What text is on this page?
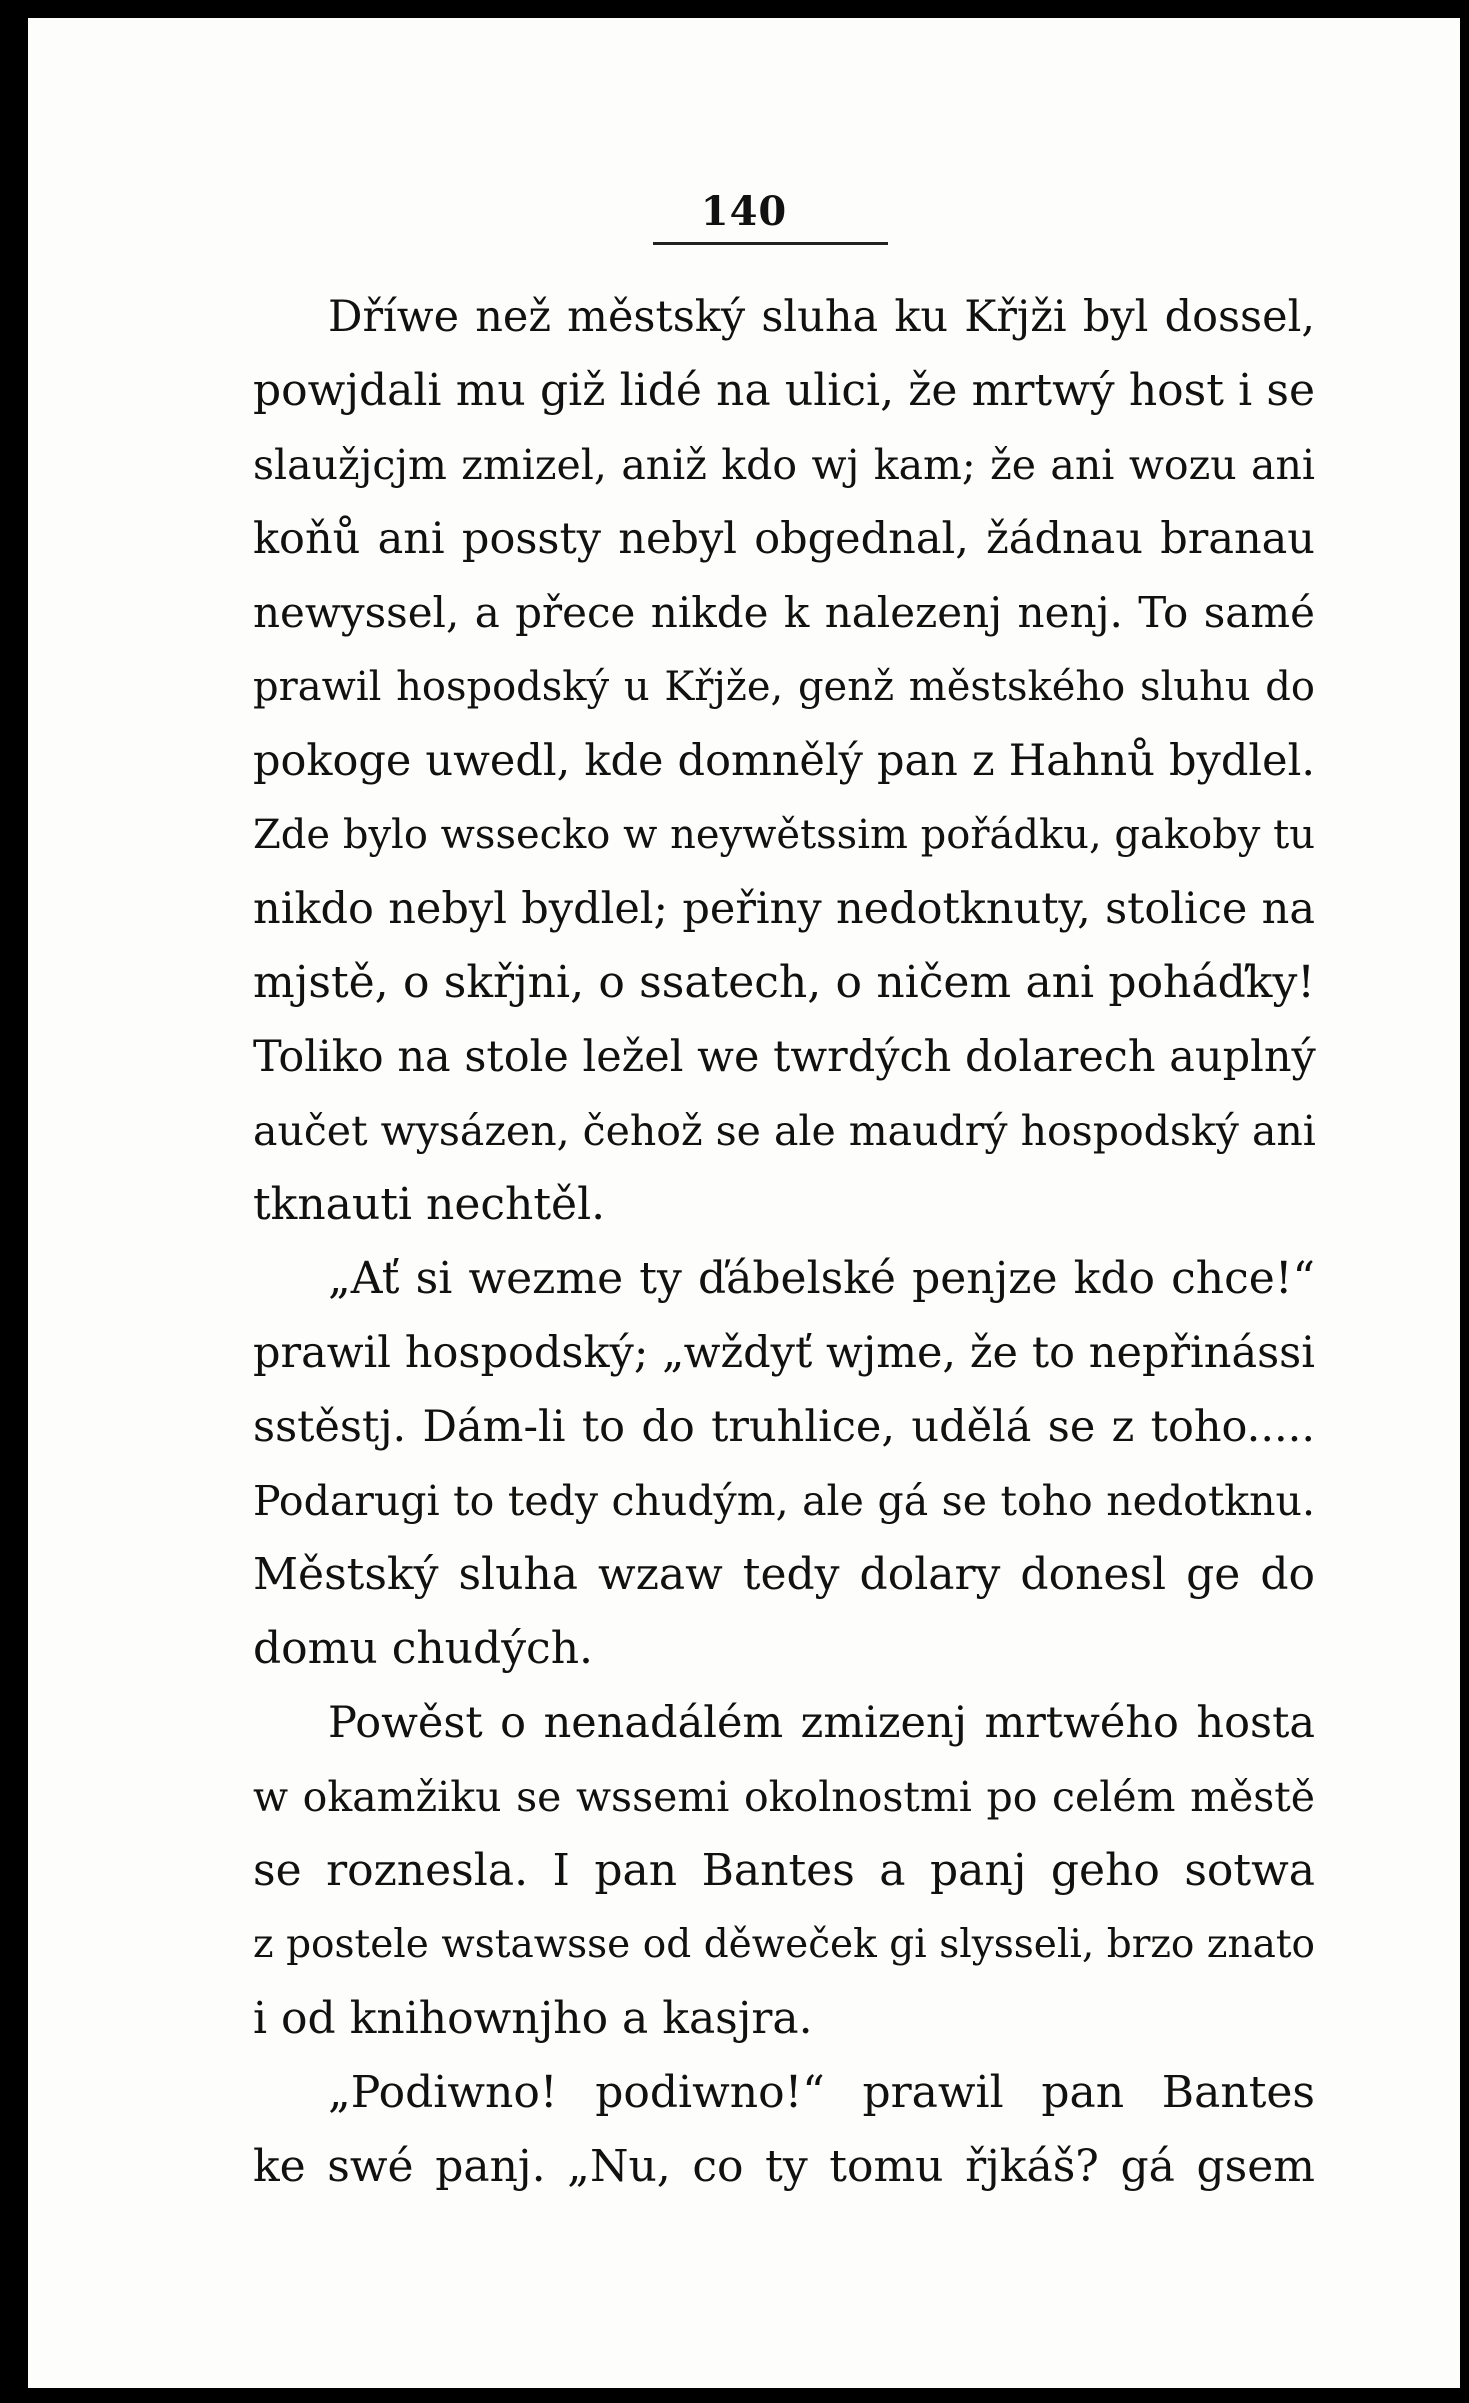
140
Dříwe než městský sluha ku Křjži byl dossel,
powjdali mu giž lidé na ulici, že mrtwý host i se
slaužjcjm zmizel, aniž kdo wj kam; že ani wozu ani
koňů ani possty nebyl obgednal, žádnau branau
newyssel, a přece nikde k nalezenj nenj. To samé
prawil hospodský u Křjže, genž městského sluhu do
pokoge uwedl, kde domnělý pan z Hahnů bydlel.
Zde bylo wssecko w neywětssim pořádku, gakoby tu
nikdo nebyl bydlel; peřiny nedotknuty, stolice na
mjstě, o skřjni, o ssatech, o ničem ani poháďky!
Toliko na stole ležel we twrdých dolarech auplný
aučet wysázen, čehož se ale maudrý hospodský ani
tknauti nechtěl.
„Ať si wezme ty ďábelské penjze kdo chce!“
prawil hospodský; „wždyť wjme, že to nepřinássi
sstěstj. Dám-li to do truhlice, udělá se z toho.....
Podarugi to tedy chudým, ale gá se toho nedotknu.
Městský sluha wzaw tedy dolary donesl ge do
domu chudých.
Powěst o nenadálém zmizenj mrtwého hosta
w okamžiku se wssemi okolnostmi po celém městě
se roznesla. I pan Bantes a panj geho sotwa
z postele wstawsse od děweček gi slysseli, brzo znato
i od knihownjho a kasjra.
„Podiwno! podiwno!“ prawil pan Bantes
ke swé panj. „Nu, co ty tomu řjkáš? gá gsem
